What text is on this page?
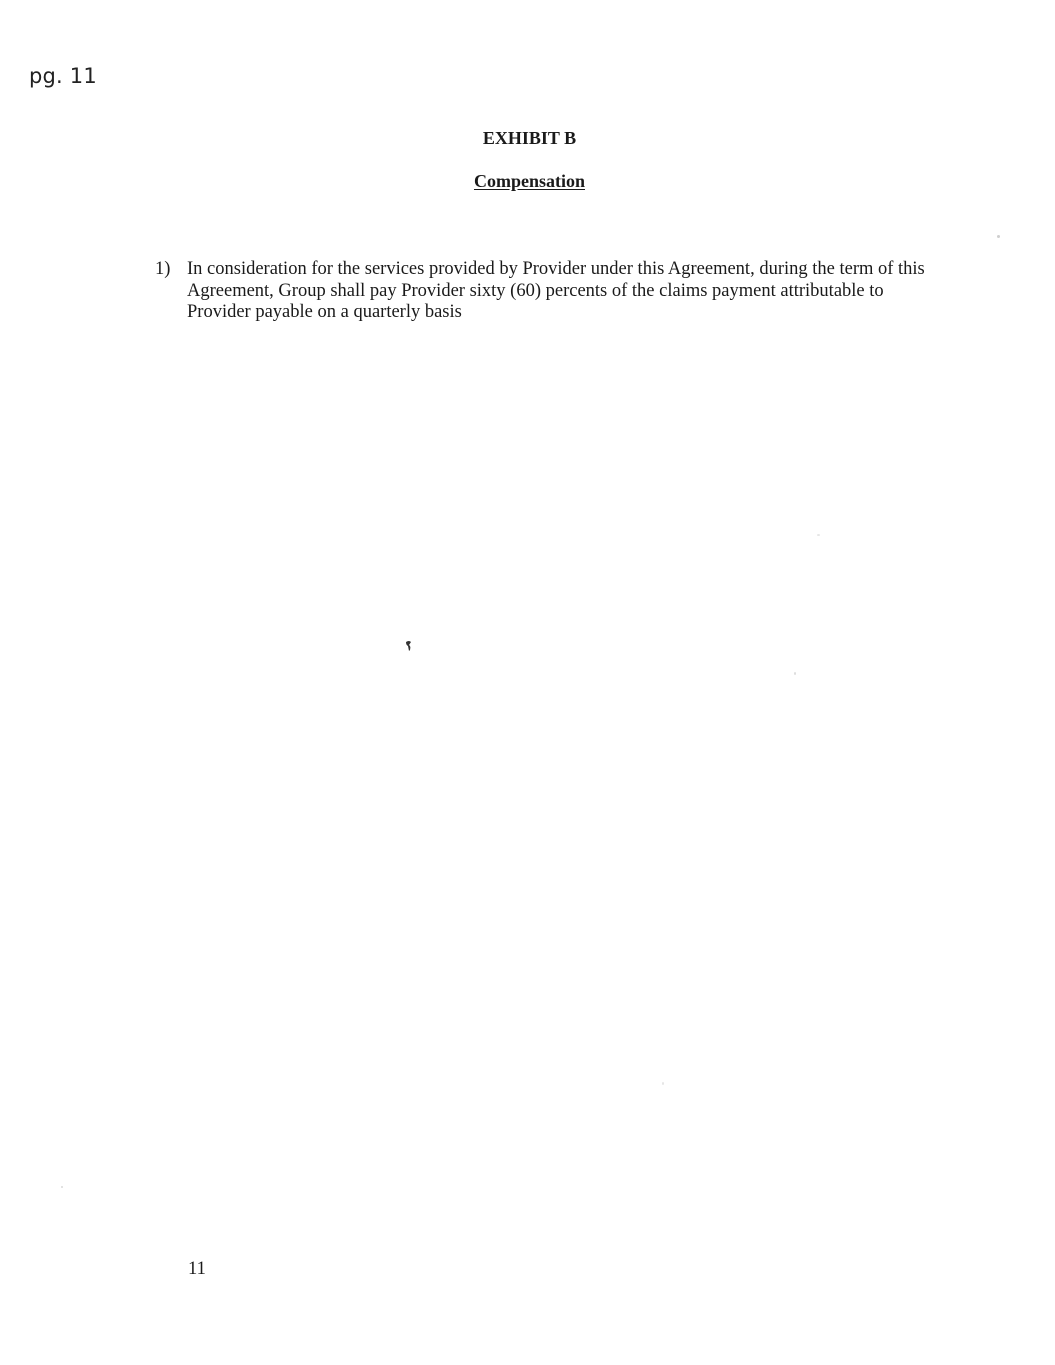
pg. 11
EXHIBIT B
Compensation
1) In consideration for the services provided by Provider under this Agreement, during the term of this Agreement, Group shall pay Provider sixty (60) percents of the claims payment attributable to Provider payable on a quarterly basis
11
